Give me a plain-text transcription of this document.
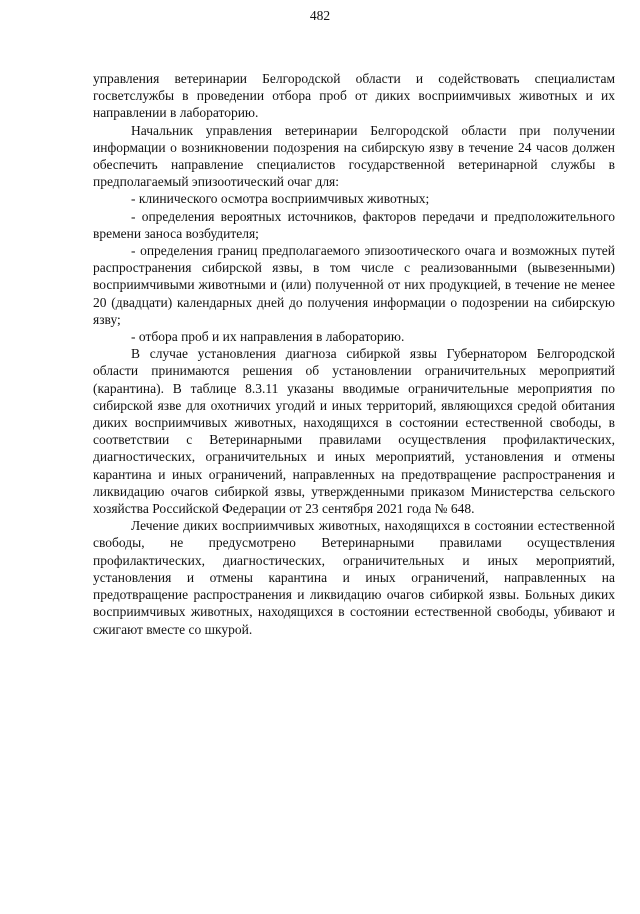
482

управления ветеринарии Белгородской области и содействовать специалистам госветслужбы в проведении отбора проб от диких восприимчивых животных и их направлении в лабораторию.

Начальник управления ветеринарии Белгородской области при получении информации о возникновении подозрения на сибирскую язву в течение 24 часов должен обеспечить направление специалистов государственной ветеринарной службы в предполагаемый эпизоотический очаг для:

- клинического осмотра восприимчивых животных;

- определения вероятных источников, факторов передачи и предположительного времени заноса возбудителя;

- определения границ предполагаемого эпизоотического очага и возможных путей распространения сибирской язвы, в том числе с реализованными (вывезенными) восприимчивыми животными и (или) полученной от них продукцией, в течение не менее 20 (двадцати) календарных дней до получения информации о подозрении на сибирскую язву;

- отбора проб и их направления в лабораторию.

В случае установления диагноза сибиркой язвы Губернатором Белгородской области принимаются решения об установлении ограничительных мероприятий (карантина). В таблице 8.3.11 указаны вводимые ограничительные мероприятия по сибирской язве для охотничих угодий и иных территорий, являющихся средой обитания диких восприимчивых животных, находящихся в состоянии естественной свободы, в соответствии с Ветеринарными правилами осуществления профилактических, диагностических, ограничительных и иных мероприятий, установления и отмены карантина и иных ограничений, направленных на предотвращение распространения и ликвидацию очагов сибиркой язвы, утвержденными приказом Министерства сельского хозяйства Российской Федерации от 23 сентября 2021 года № 648.

Лечение диких восприимчивых животных, находящихся в состоянии естественной свободы, не предусмотрено Ветеринарными правилами осуществления профилактических, диагностических, ограничительных и иных мероприятий, установления и отмены карантина и иных ограничений, направленных на предотвращение распространения и ликвидацию очагов сибиркой язвы. Больных диких восприимчивых животных, находящихся в состоянии естественной свободы, убивают и сжигают вместе со шкурой.
